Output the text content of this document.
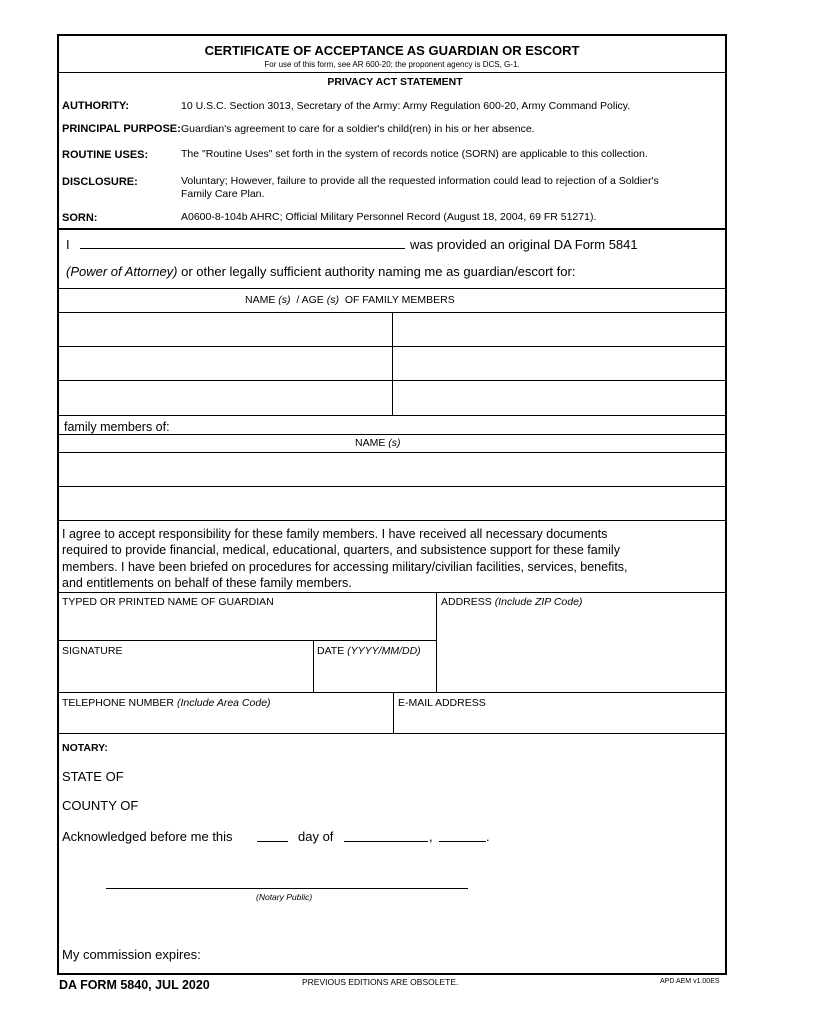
CERTIFICATE OF ACCEPTANCE AS GUARDIAN OR ESCORT
For use of this form, see AR 600-20; the proponent agency is DCS, G-1.
PRIVACY ACT STATEMENT
AUTHORITY:	10 U.S.C. Section 3013, Secretary of the Army: Army Regulation 600-20, Army Command Policy.
PRINCIPAL PURPOSE: Guardian's agreement to care for a soldier's child(ren) in his or her absence.
ROUTINE USES:	The "Routine Uses" set forth in the system of records notice (SORN) are applicable to this collection.
DISCLOSURE:	Voluntary; However, failure to provide all the requested information could lead to rejection of a Soldier's
Family Care Plan.
SORN:	A0600-8-104b AHRC; Official Military Personnel Record (August 18, 2004, 69 FR 51271).
I	was provided an original DA Form 5841
(Power of Attorney) or other legally sufficient authority naming me as guardian/escort for:
NAME (s) / AGE (s) OF FAMILY MEMBERS
family members of:
NAME (s)
I agree to accept responsibility for these family members. I have received all necessary documents
required to provide financial, medical, educational, quarters, and subsistence support for these family
members. I have been briefed on procedures for accessing military/civilian facilities, services, benefits,
and entitlements on behalf of these family members.
TYPED OR PRINTED NAME OF GUARDIAN	ADDRESS (Include ZIP Code)
SIGNATURE	DATE (YYYY/MM/DD)
TELEPHONE NUMBER (Include Area Code)	E-MAIL ADDRESS
NOTARY:
STATE OF
COUNTY OF
Acknowledged before me this	day of	,	.
(Notary Public)
My commission expires:
DA FORM 5840, JUL 2020	PREVIOUS EDITIONS ARE OBSOLETE.	APD AEM v1.00ES
